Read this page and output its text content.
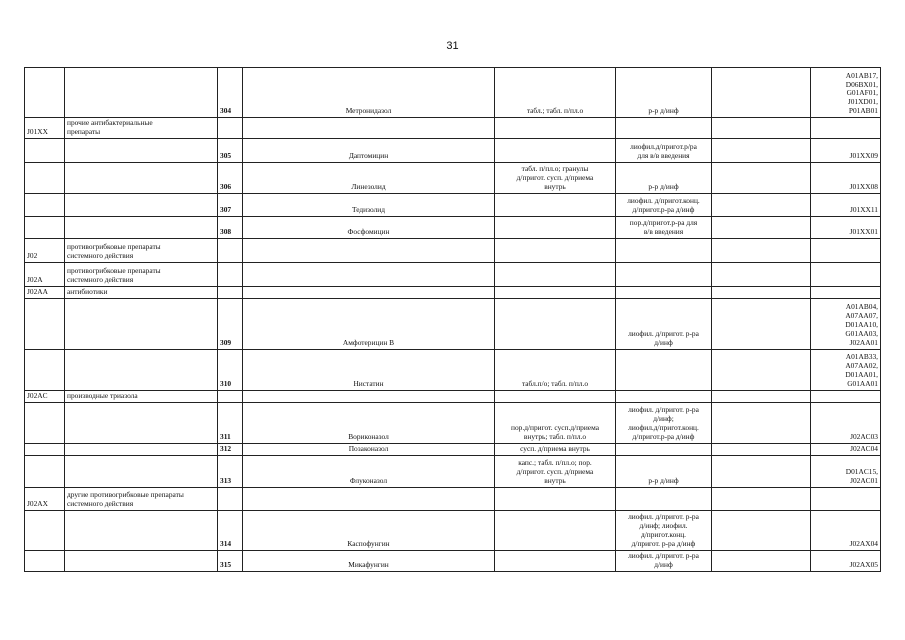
31
		304	Метронидазол	табл.; табл. п/пл.о	р-р д/инф		A01AB17,
D06BX01,
G01AF01,
J01XD01,
P01AB01
J01XX	прочие антибактериальные
препараты						
		305	Даптомицин		лиофил.д/пригот.р/ра
для в/в введения		J01XX09
		306	Линезолид	табл. п/пл.о; гранулы
д/пригот. сусп. д/приема
внутрь	р-р д/инф		J01XX08
		307	Тедизолид		лиофил. д/пригот.конц.
д/пригот.р-ра д/инф		J01XX11
		308	Фосфомицин		пор.д/пригот.р-ра для
в/в введения		J01XX01
J02	противогрибковые препараты
системного действия						
J02A	противогрибковые препараты
системного действия						
J02AA	антибиотики						
		309	Амфотерицин В		лиофил. д/пригот. р-ра
д/инф		A01AB04,
A07AA07,
D01AA10,
G01AA03,
J02AA01
		310	Нистатин	табл.п/о; табл. п/пл.о			A01AB33,
A07AA02,
D01AA01,
G01AA01
J02AC	производные триазола						
		311	Вориконазол	пор.д/пригот. сусп.д/приема
внутрь; табл. п/пл.о	лиофил. д/пригот. р-ра
д/инф;
лиофил.д/пригот.конц.
д/пригот.р-ра д/инф		J02AC03
		312	Позаконазол	сусп. д/приема внутрь			J02AC04
		313	Флуконазол	капс.; табл. п/пл.о; пор.
д/пригот. сусп. д/приема
внутрь	р-р д/инф		D01AC15,
J02AC01
J02AX	другие противогрибковые препараты
системного действия						
		314	Каспофунгин		лиофил. д/пригот. р-ра
д/инф; лиофил.
д/пригот.конц.
д/пригот. р-ра д/инф		J02AX04
		315	Микафунгин		лиофил. д/пригот. р-ра
д/инф		J02AX05
